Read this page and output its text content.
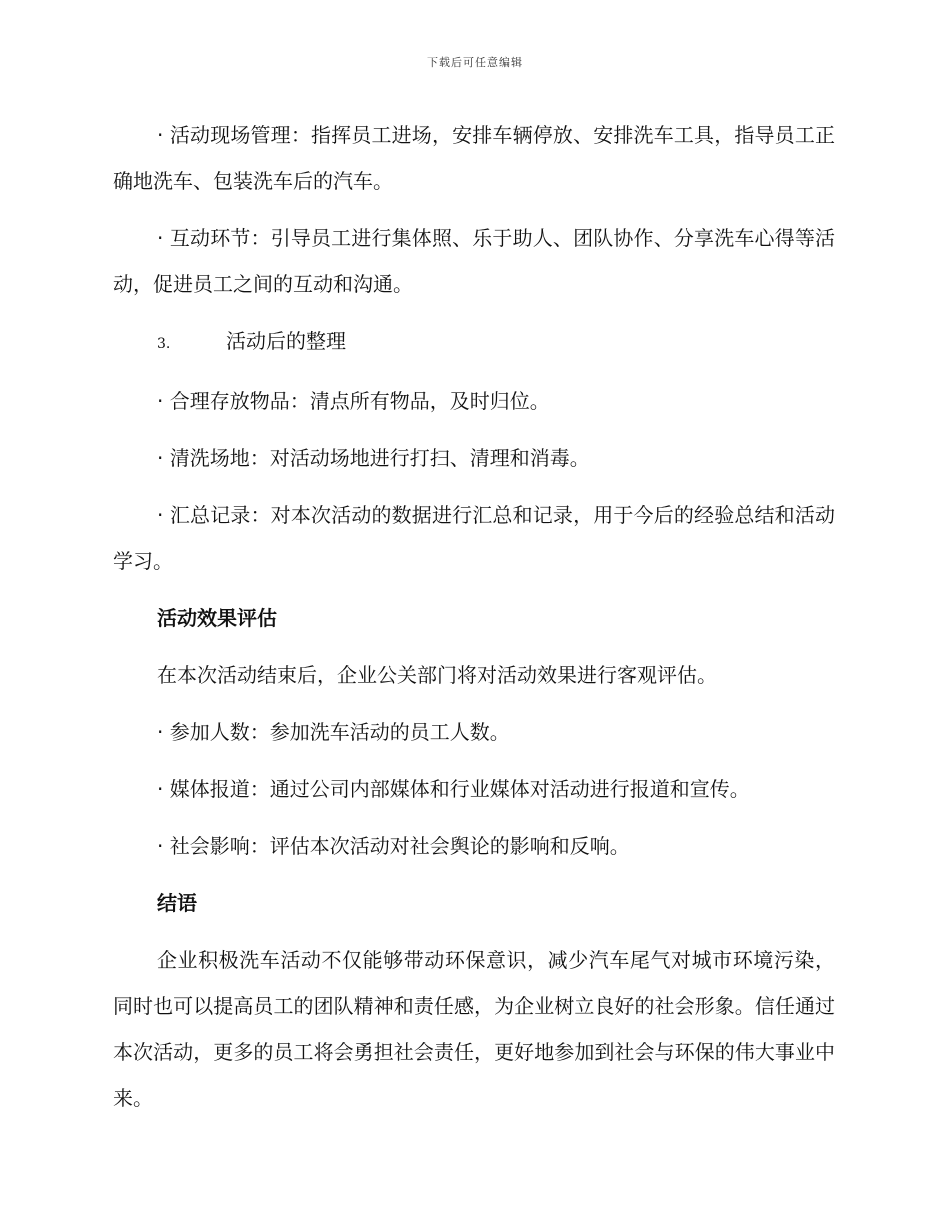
下载后可任意编辑

· 活动现场管理：指挥员工进场，安排车辆停放、安排洗车工具，指导员工正确地洗车、包装洗车后的汽车。

· 互动环节：引导员工进行集体照、乐于助人、团队协作、分享洗车心得等活动，促进员工之间的互动和沟通。

3.	活动后的整理

· 合理存放物品：清点所有物品，及时归位。

· 清洗场地：对活动场地进行打扫、清理和消毒。

· 汇总记录：对本次活动的数据进行汇总和记录，用于今后的经验总结和活动学习。

活动效果评估

在本次活动结束后，企业公关部门将对活动效果进行客观评估。

· 参加人数：参加洗车活动的员工人数。

· 媒体报道：通过公司内部媒体和行业媒体对活动进行报道和宣传。

· 社会影响：评估本次活动对社会舆论的影响和反响。

结语

企业积极洗车活动不仅能够带动环保意识，减少汽车尾气对城市环境污染，同时也可以提高员工的团队精神和责任感，为企业树立良好的社会形象。信任通过本次活动，更多的员工将会勇担社会责任，更好地参加到社会与环保的伟大事业中来。
